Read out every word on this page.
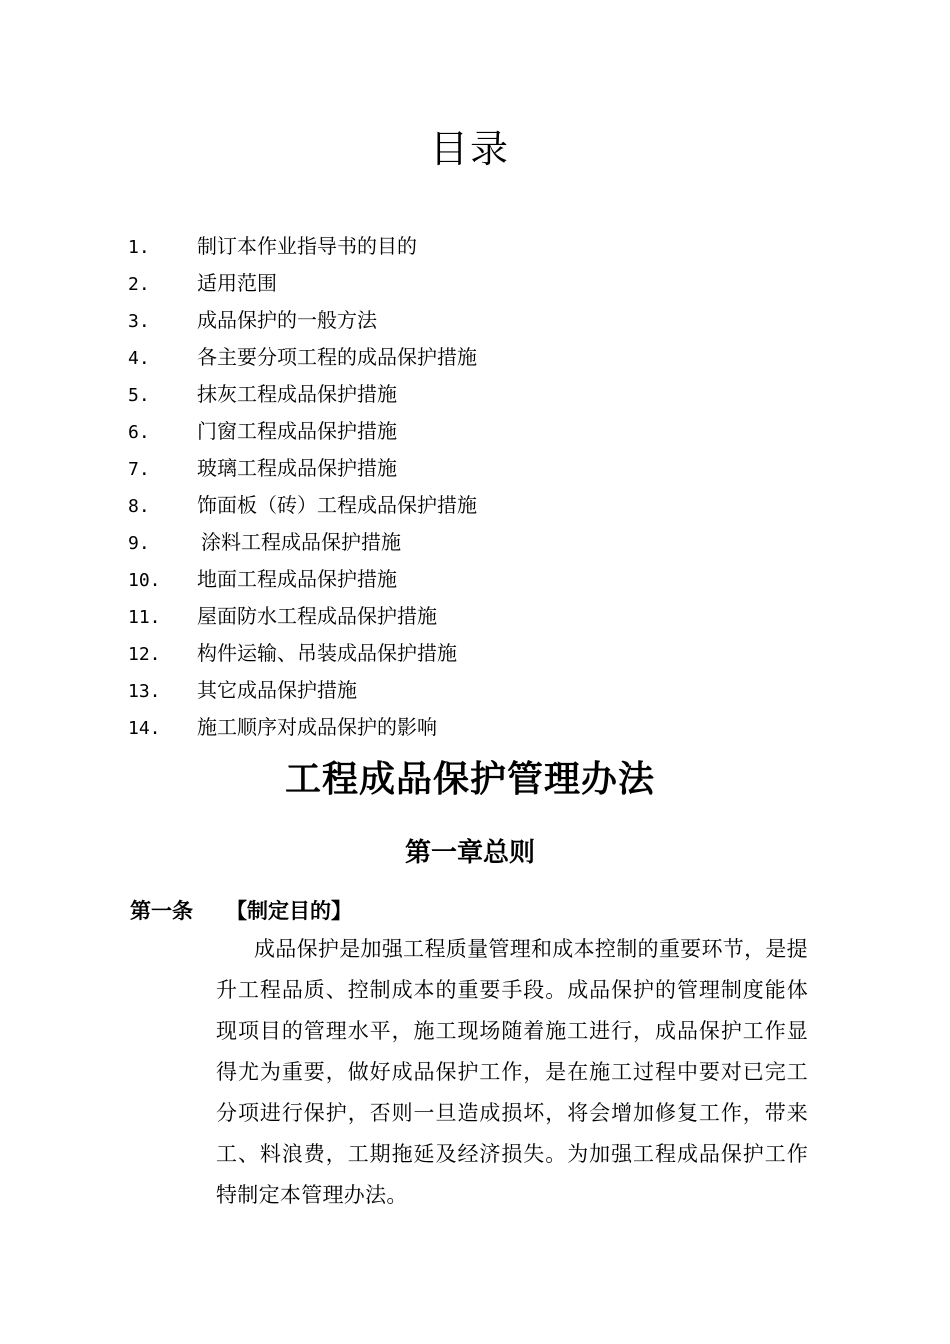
目录
1. 制订本作业指导书的目的
2. 适用范围
3. 成品保护的一般方法
4. 各主要分项工程的成品保护措施
5. 抹灰工程成品保护措施
6. 门窗工程成品保护措施
7. 玻璃工程成品保护措施
8. 饰面板（砖）工程成品保护措施
9.	涂料工程成品保护措施
10. 地面工程成品保护措施
11. 屋面防水工程成品保护措施
12. 构件运输、吊装成品保护措施
13. 其它成品保护措施
14. 施工顺序对成品保护的影响
工程成品保护管理办法
第一章总则
第一条 【制定目的】

成品保护是加强工程质量管理和成本控制的重要环节，是提升工程品质、控制成本的重要手段。成品保护的管理制度能体现项目的管理水平，施工现场随着施工进行，成品保护工作显得尤为重要，做好成品保护工作，是在施工过程中要对已完工分项进行保护，否则一旦造成损坏，将会增加修复工作，带来工、料浪费，工期拖延及经济损失。为加强工程成品保护工作特制定本管理办法。
